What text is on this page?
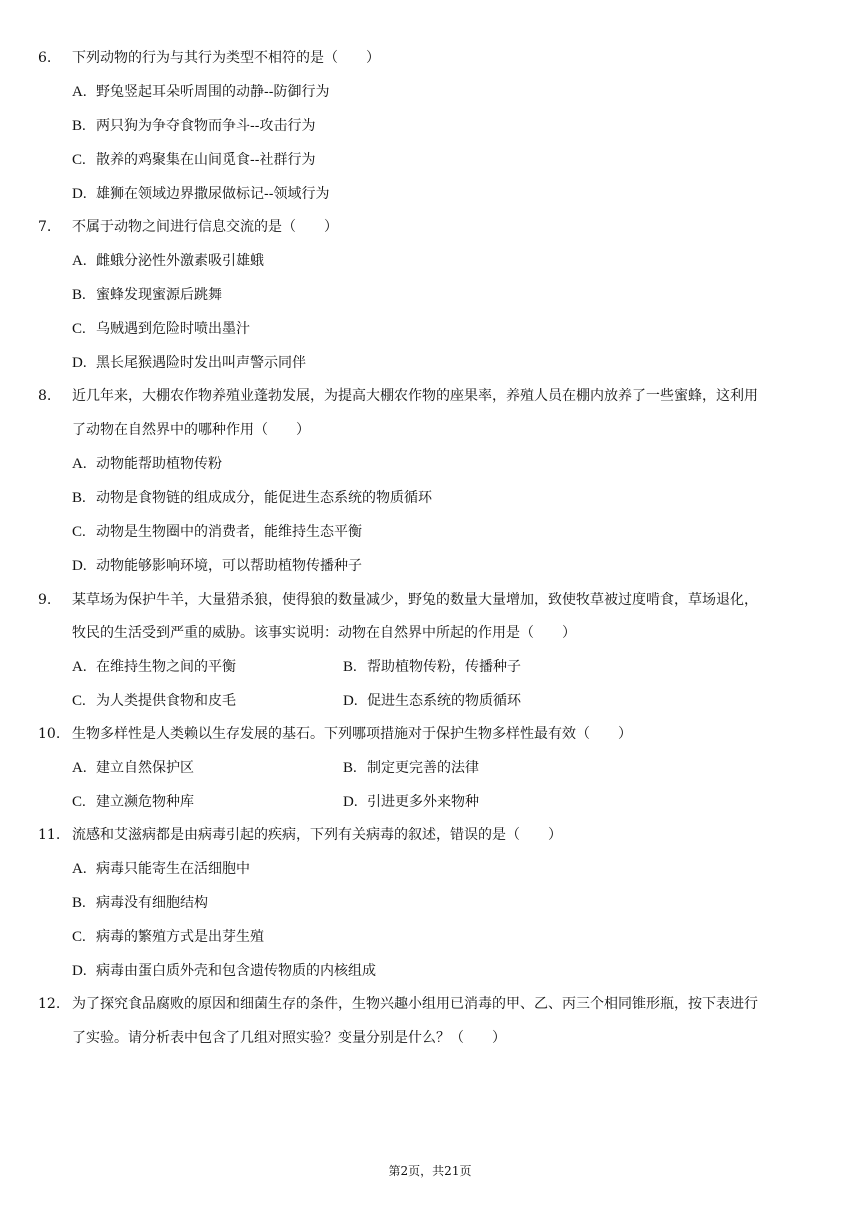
6. 下列动物的行为与其行为类型不相符的是（　　）
A. 野兔竖起耳朵听周围的动静--防御行为
B. 两只狗为争夺食物而争斗--攻击行为
C. 散养的鸡聚集在山间觅食--社群行为
D. 雄狮在领域边界撒尿做标记--领域行为
7. 不属于动物之间进行信息交流的是（　　）
A. 雌蛾分泌性外激素吸引雄蛾
B. 蜜蜂发现蜜源后跳舞
C. 乌贼遇到危险时喷出墨汁
D. 黑长尾猴遇险时发出叫声警示同伴
8. 近几年来，大棚农作物养殖业蓬勃发展，为提高大棚农作物的座果率，养殖人员在棚内放养了一些蜜蜂，这利用
了动物在自然界中的哪种作用（　　）
A. 动物能帮助植物传粉
B. 动物是食物链的组成成分，能促进生态系统的物质循环
C. 动物是生物圈中的消费者，能维持生态平衡
D. 动物能够影响环境，可以帮助植物传播种子
9. 某草场为保护牛羊，大量猎杀狼，使得狼的数量减少，野兔的数量大量增加，致使牧草被过度啃食，草场退化，
牧民的生活受到严重的威胁。该事实说明：动物在自然界中所起的作用是（　　）
A. 在维持生物之间的平衡	B. 帮助植物传粉，传播种子
C. 为人类提供食物和皮毛	D. 促进生态系统的物质循环
10. 生物多样性是人类赖以生存发展的基石。下列哪项措施对于保护生物多样性最有效（　　）
A. 建立自然保护区	B. 制定更完善的法律
C. 建立濒危物种库	D. 引进更多外来物种
11. 流感和艾滋病都是由病毒引起的疾病，下列有关病毒的叙述，错误的是（　　）
A. 病毒只能寄生在活细胞中
B. 病毒没有细胞结构
C. 病毒的繁殖方式是出芽生殖
D. 病毒由蛋白质外壳和包含遗传物质的内核组成
12. 为了探究食品腐败的原因和细菌生存的条件，生物兴趣小组用已消毒的甲、乙、丙三个相同锥形瓶，按下表进行
了实验。请分析表中包含了几组对照实验？变量分别是什么？（　　）
第2页，共21页
